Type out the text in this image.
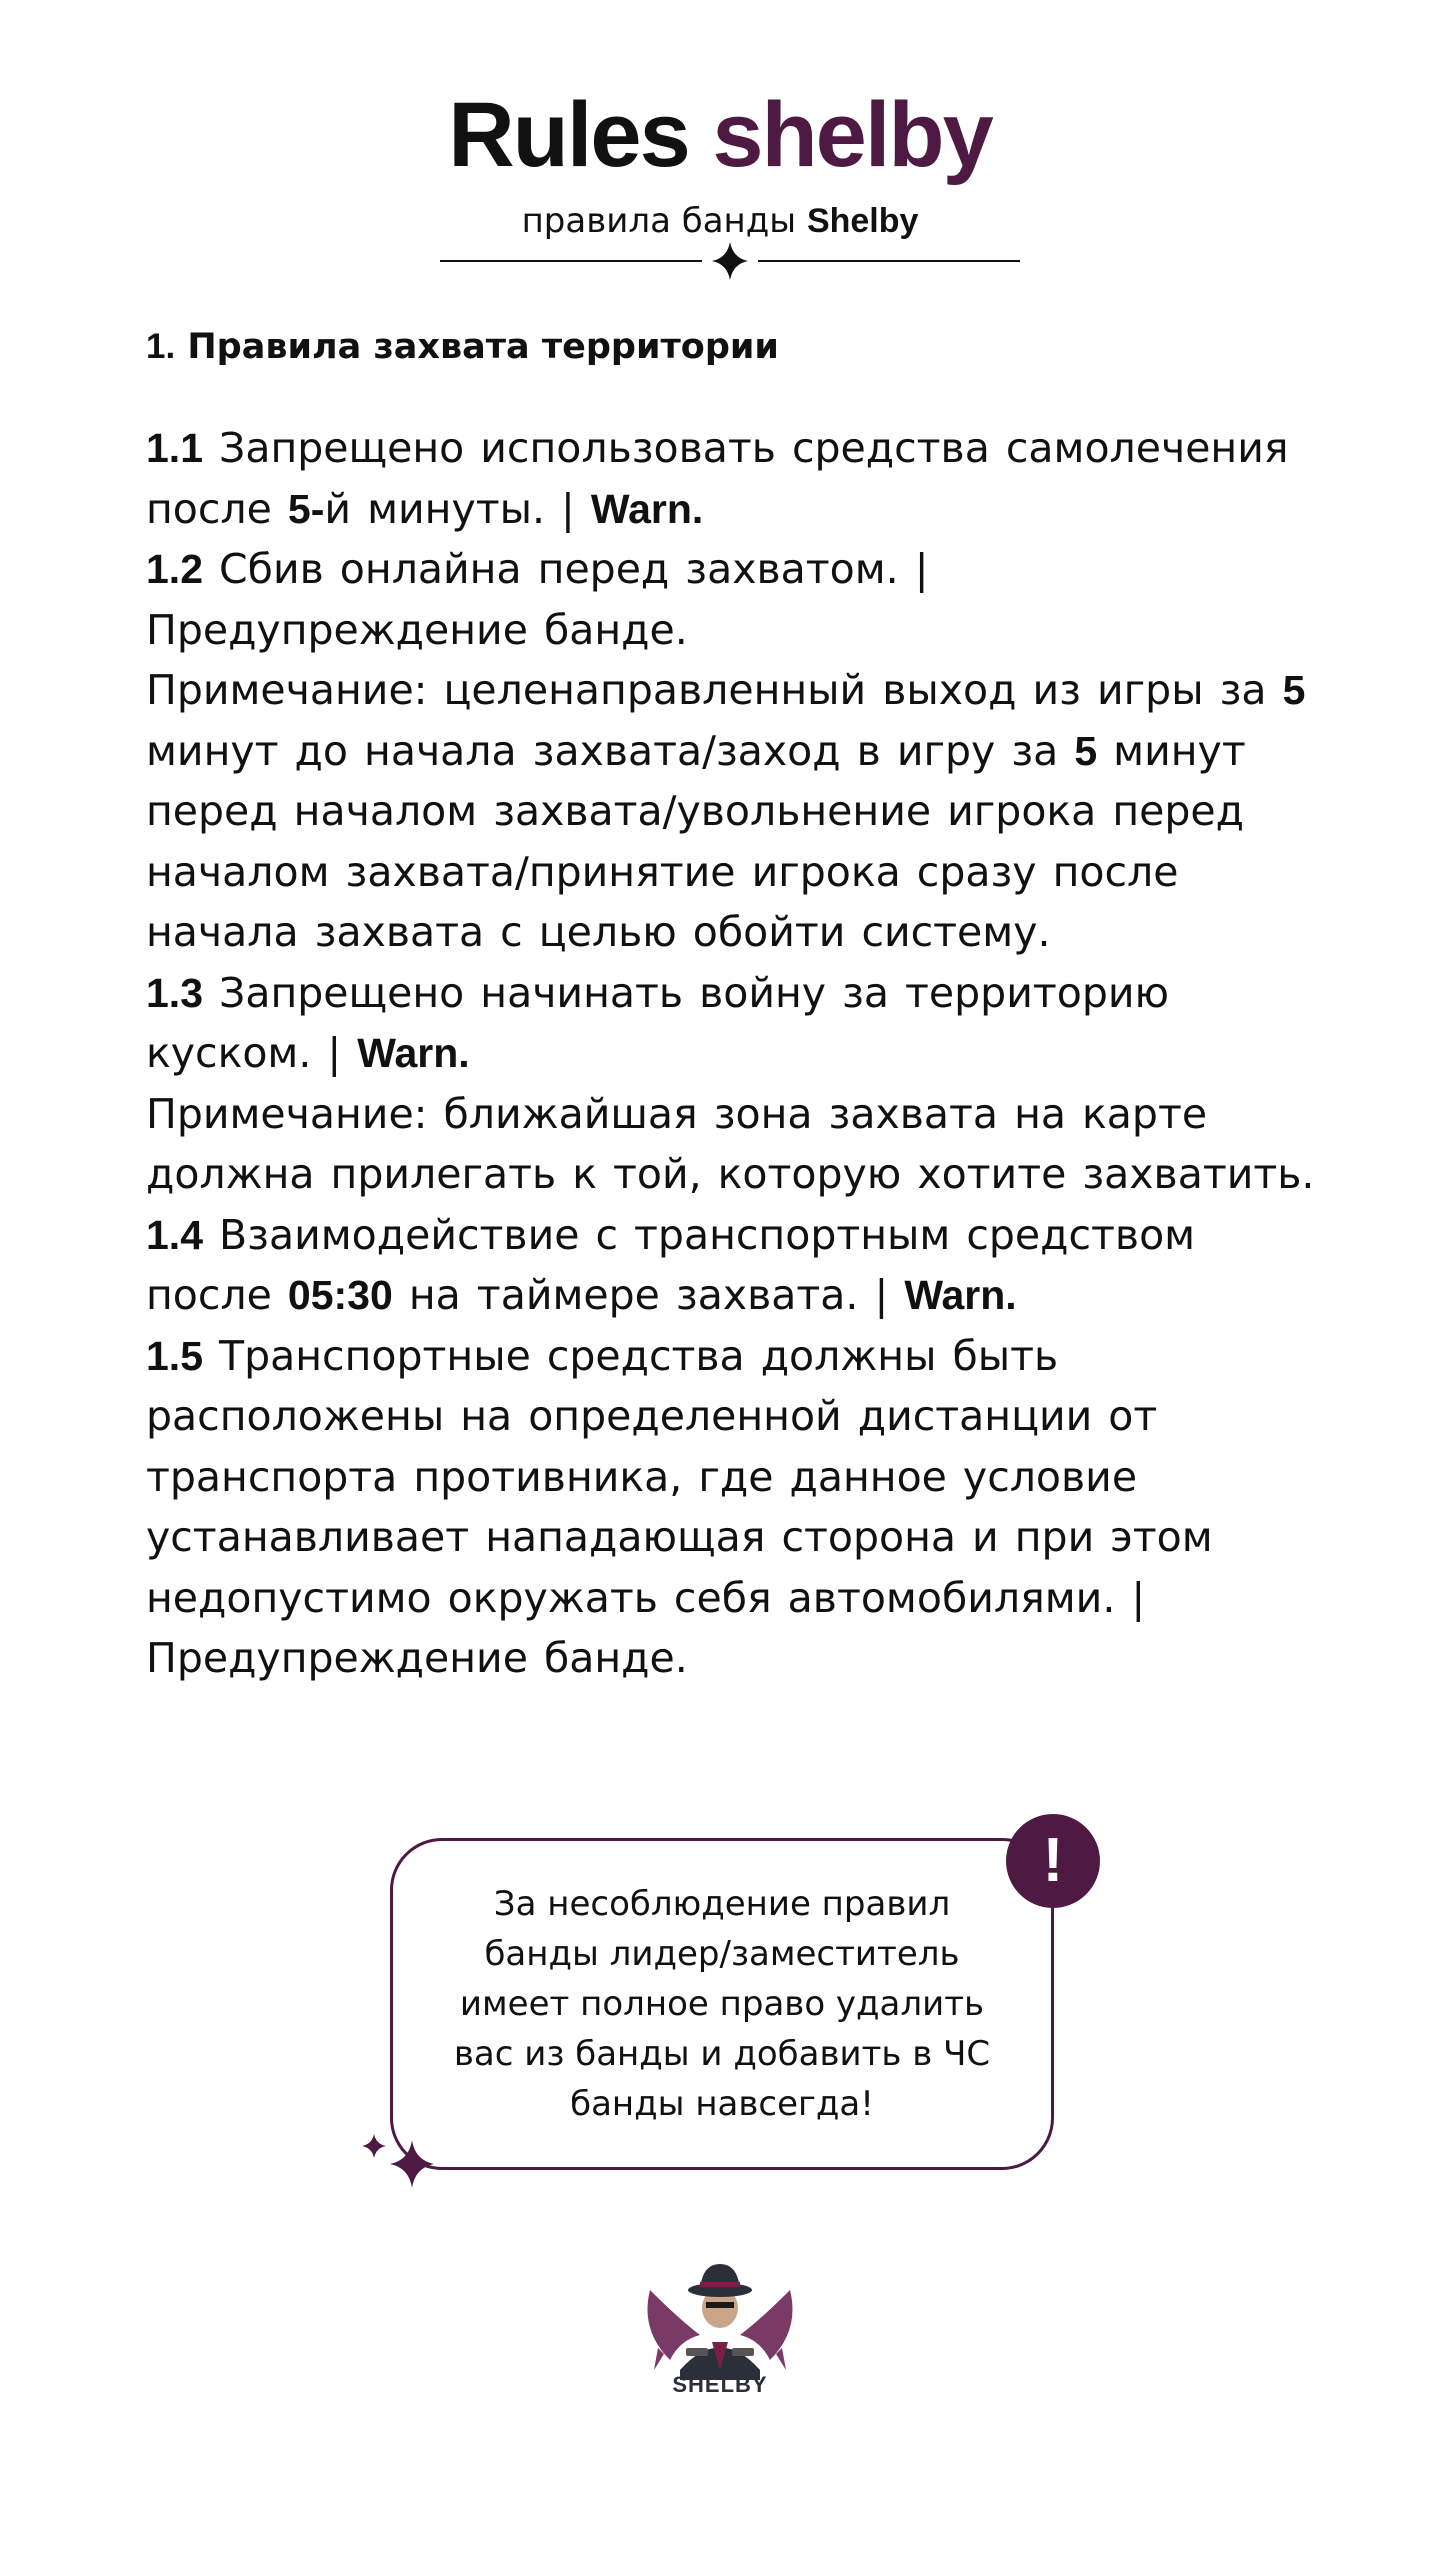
Rules shelby
правила банды Shelby
1. Правила захвата территории

1.1 Запрещено использовать средства самолечения после 5-й минуты. | Warn.

1.2 Сбив онлайна перед захватом. | Предупреждение банде.

Примечание: целенаправленный выход из игры за 5 минут до начала захвата/заход в игру за 5 минут перед началом захвата/увольнение игрока перед началом захвата/принятие игрока сразу после начала захвата с целью обойти систему.

1.3 Запрещено начинать войну за территорию куском. | Warn.

Примечание: ближайшая зона захвата на карте должна прилегать к той, которую хотите захватить.

1.4 Взаимодействие с транспортным средством после 05:30 на таймере захвата. | Warn.

1.5 Транспортные средства должны быть расположены на определенной дистанции от транспорта противника, где данное условие устанавливает нападающая сторона и при этом недопустимо окружать себя автомобилями. | Предупреждение банде.

За несоблюдение правил банды лидер/заместитель имеет полное право удалить вас из банды и добавить в ЧС банды навсегда!
!
SHELBY
